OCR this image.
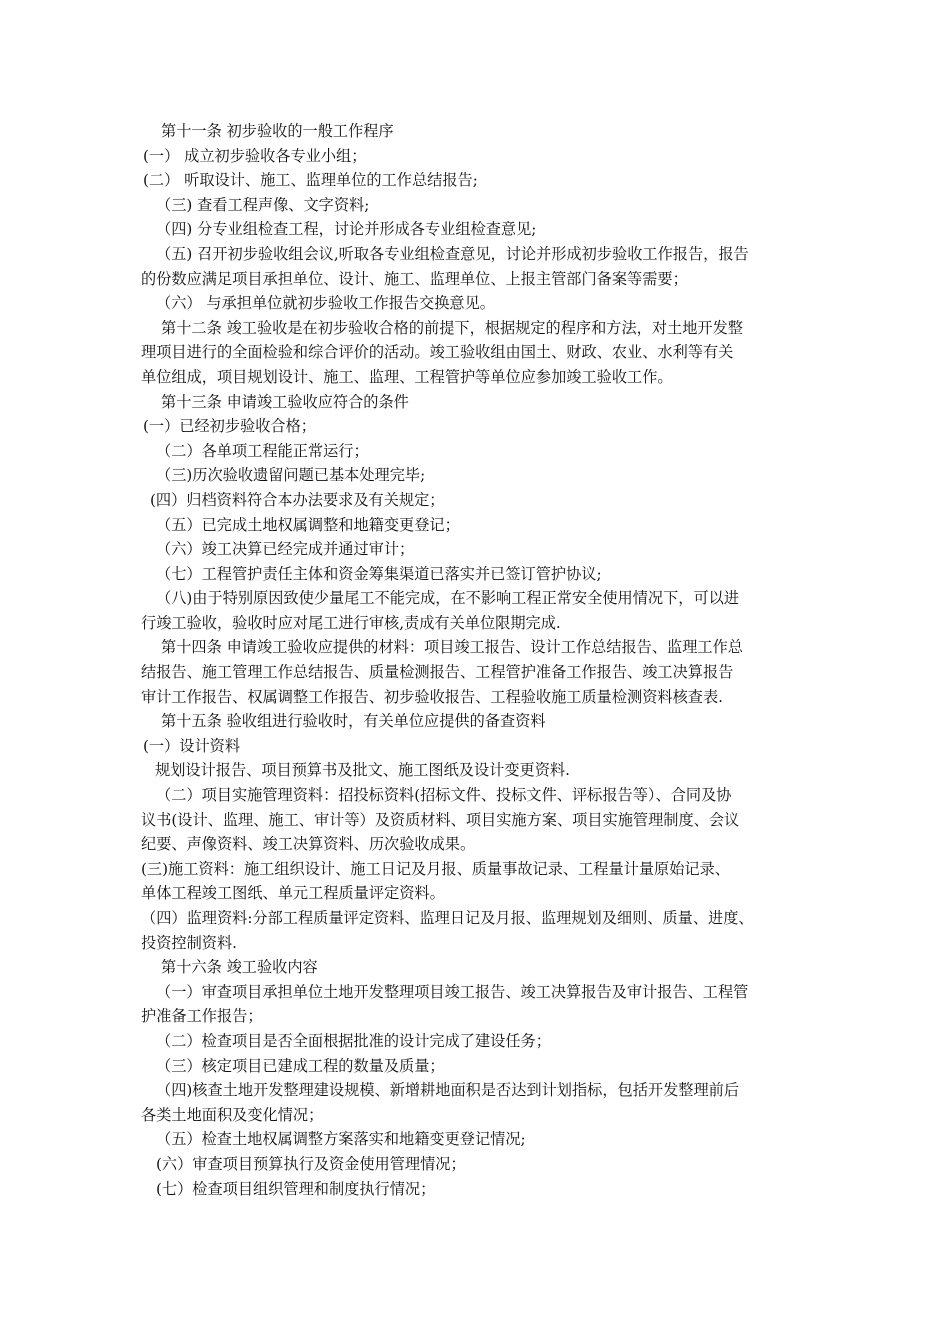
第十一条 初步验收的一般工作程序
(一） 成立初步验收各专业小组；
(二） 听取设计、施工、监理单位的工作总结报告;
（三) 查看工程声像、文字资料;
（四) 分专业组检查工程，讨论并形成各专业组检查意见;
（五) 召开初步验收组会议,听取各专业组检查意见，讨论并形成初步验收工作报告，报告
的份数应满足项目承担单位、设计、施工、监理单位、上报主管部门备案等需要；
（六） 与承担单位就初步验收工作报告交换意见。
第十二条 竣工验收是在初步验收合格的前提下，根据规定的程序和方法，对土地开发整
理项目进行的全面检验和综合评价的活动。竣工验收组由国土、财政、农业、水利等有关
单位组成，项目规划设计、施工、监理、工程管护等单位应参加竣工验收工作。
第十三条 申请竣工验收应符合的条件
(一）已经初步验收合格；
（二）各单项工程能正常运行；
（三)历次验收遗留问题已基本处理完毕;
(四）归档资料符合本办法要求及有关规定；
（五）已完成土地权属调整和地籍变更登记；
（六）竣工决算已经完成并通过审计；
（七）工程管护责任主体和资金筹集渠道已落实并已签订管护协议;
（八)由于特别原因致使少量尾工不能完成，在不影响工程正常安全使用情况下，可以进
行竣工验收，验收时应对尾工进行审核,责成有关单位限期完成.
第十四条 申请竣工验收应提供的材料：项目竣工报告、设计工作总结报告、监理工作总
结报告、施工管理工作总结报告、质量检测报告、工程管护准备工作报告、竣工决算报告
审计工作报告、权属调整工作报告、初步验收报告、工程验收施工质量检测资料核查表.
第十五条 验收组进行验收时，有关单位应提供的备查资料
(一）设计资料
规划设计报告、项目预算书及批文、施工图纸及设计变更资料.
（二）项目实施管理资料：招投标资料(招标文件、投标文件、评标报告等）、合同及协
议书(设计、监理、施工、审计等）及资质材料、项目实施方案、项目实施管理制度、会议
纪要、声像资料、竣工决算资料、历次验收成果。
(三)施工资料：施工组织设计、施工日记及月报、质量事故记录、工程量计量原始记录、
单体工程竣工图纸、单元工程质量评定资料。
（四）监理资料:分部工程质量评定资料、监理日记及月报、监理规划及细则、质量、进度、
投资控制资料.
第十六条 竣工验收内容
（一）审查项目承担单位土地开发整理项目竣工报告、竣工决算报告及审计报告、工程管
护准备工作报告；
（二）检查项目是否全面根据批准的设计完成了建设任务；
（三）核定项目已建成工程的数量及质量；
（四)核查土地开发整理建设规模、新增耕地面积是否达到计划指标，包括开发整理前后
各类土地面积及变化情况；
（五）检查土地权属调整方案落实和地籍变更登记情况;
(六）审查项目预算执行及资金使用管理情况；
(七）检查项目组织管理和制度执行情况；
